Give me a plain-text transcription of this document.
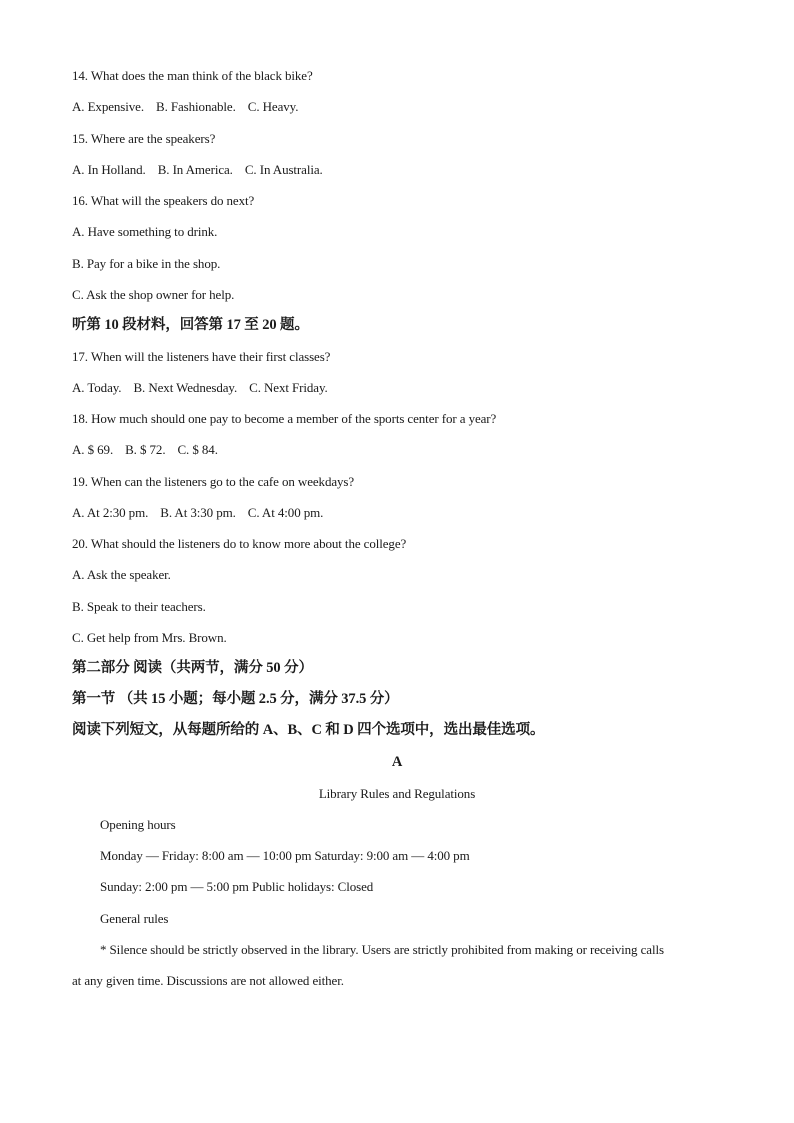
14. What does the man think of the black bike?
A. Expensive. B. Fashionable. C. Heavy.
15. Where are the speakers?
A. In Holland. B. In America. C. In Australia.
16. What will the speakers do next?
A. Have something to drink.
B. Pay for a bike in the shop.
C. Ask the shop owner for help.
听第 10 段材料，回答第 17 至 20 题。
17. When will the listeners have their first classes?
A. Today. B. Next Wednesday. C. Next Friday.
18. How much should one pay to become a member of the sports center for a year?
A. $ 69. B. $ 72. C. $ 84.
19. When can the listeners go to the cafe on weekdays?
A. At 2:30 pm. B. At 3:30 pm. C. At 4:00 pm.
20. What should the listeners do to know more about the college?
A. Ask the speaker.
B. Speak to their teachers.
C. Get help from Mrs. Brown.
第二部分 阅读（共两节，满分 50 分）
第一节 （共 15 小题；每小题 2.5 分，满分 37.5 分）
阅读下列短文，从每题所给的 A、B、C 和 D 四个选项中，选出最佳选项。
A
Library Rules and Regulations
Opening hours
Monday — Friday: 8:00 am — 10:00 pm Saturday: 9:00 am — 4:00 pm
Sunday: 2:00 pm — 5:00 pm Public holidays: Closed
General rules
* Silence should be strictly observed in the library. Users are strictly prohibited from making or receiving calls
at any given time. Discussions are not allowed either.
